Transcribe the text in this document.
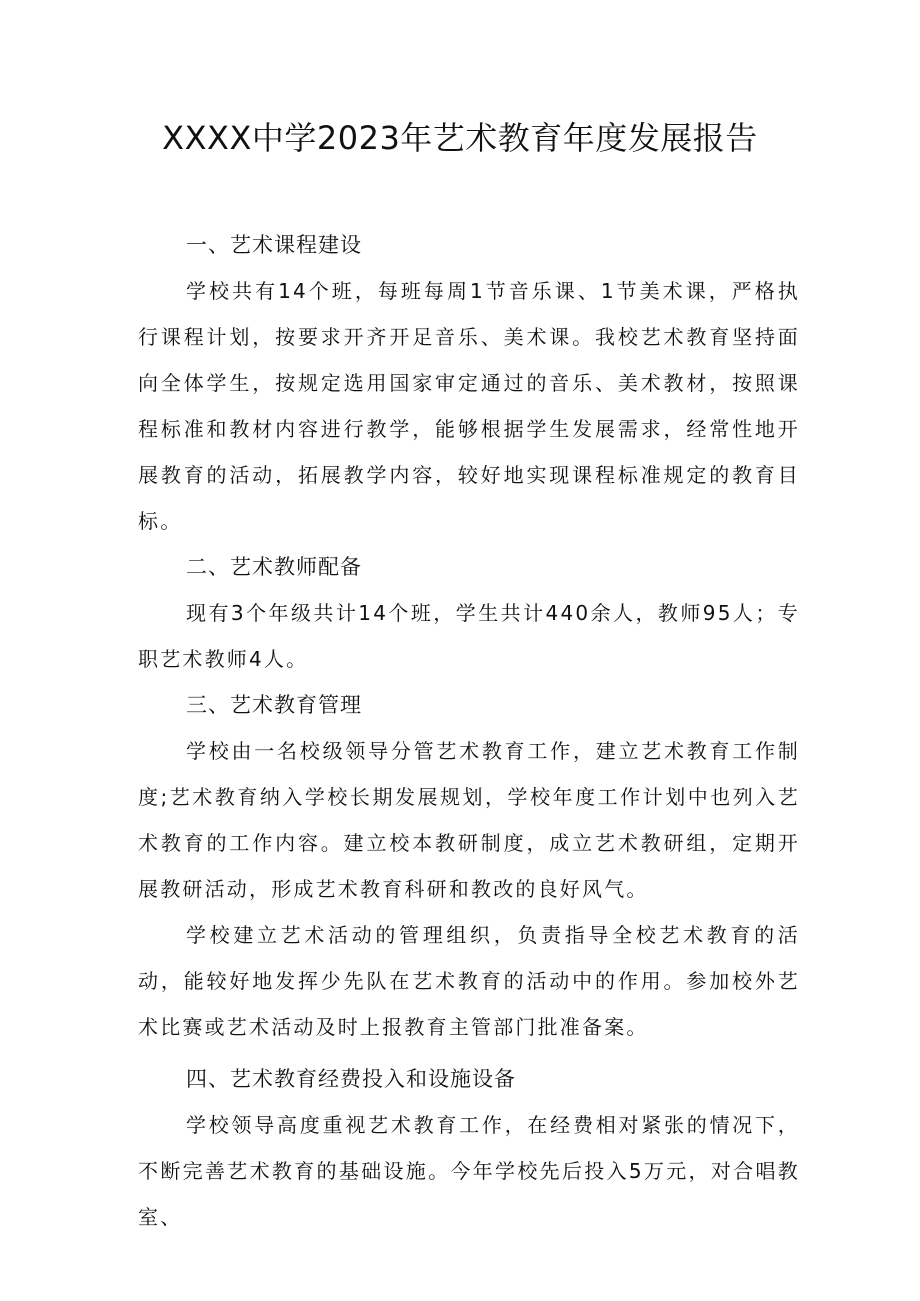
XXXX中学2023年艺术教育年度发展报告
一、艺术课程建设

学校共有14个班，每班每周1节音乐课、1节美术课，严格执行课程计划，按要求开齐开足音乐、美术课。我校艺术教育坚持面向全体学生，按规定选用国家审定通过的音乐、美术教材，按照课程标准和教材内容进行教学，能够根据学生发展需求，经常性地开展教育的活动，拓展教学内容，较好地实现课程标准规定的教育目标。

二、艺术教师配备

现有3个年级共计14个班，学生共计440余人，教师95人；专职艺术教师4人。

三、艺术教育管理

学校由一名校级领导分管艺术教育工作，建立艺术教育工作制度;艺术教育纳入学校长期发展规划，学校年度工作计划中也列入艺术教育的工作内容。建立校本教研制度，成立艺术教研组，定期开展教研活动，形成艺术教育科研和教改的良好风气。

学校建立艺术活动的管理组织，负责指导全校艺术教育的活动，能较好地发挥少先队在艺术教育的活动中的作用。参加校外艺术比赛或艺术活动及时上报教育主管部门批准备案。

四、艺术教育经费投入和设施设备

学校领导高度重视艺术教育工作，在经费相对紧张的情况下，不断完善艺术教育的基础设施。今年学校先后投入5万元，对合唱教室、
